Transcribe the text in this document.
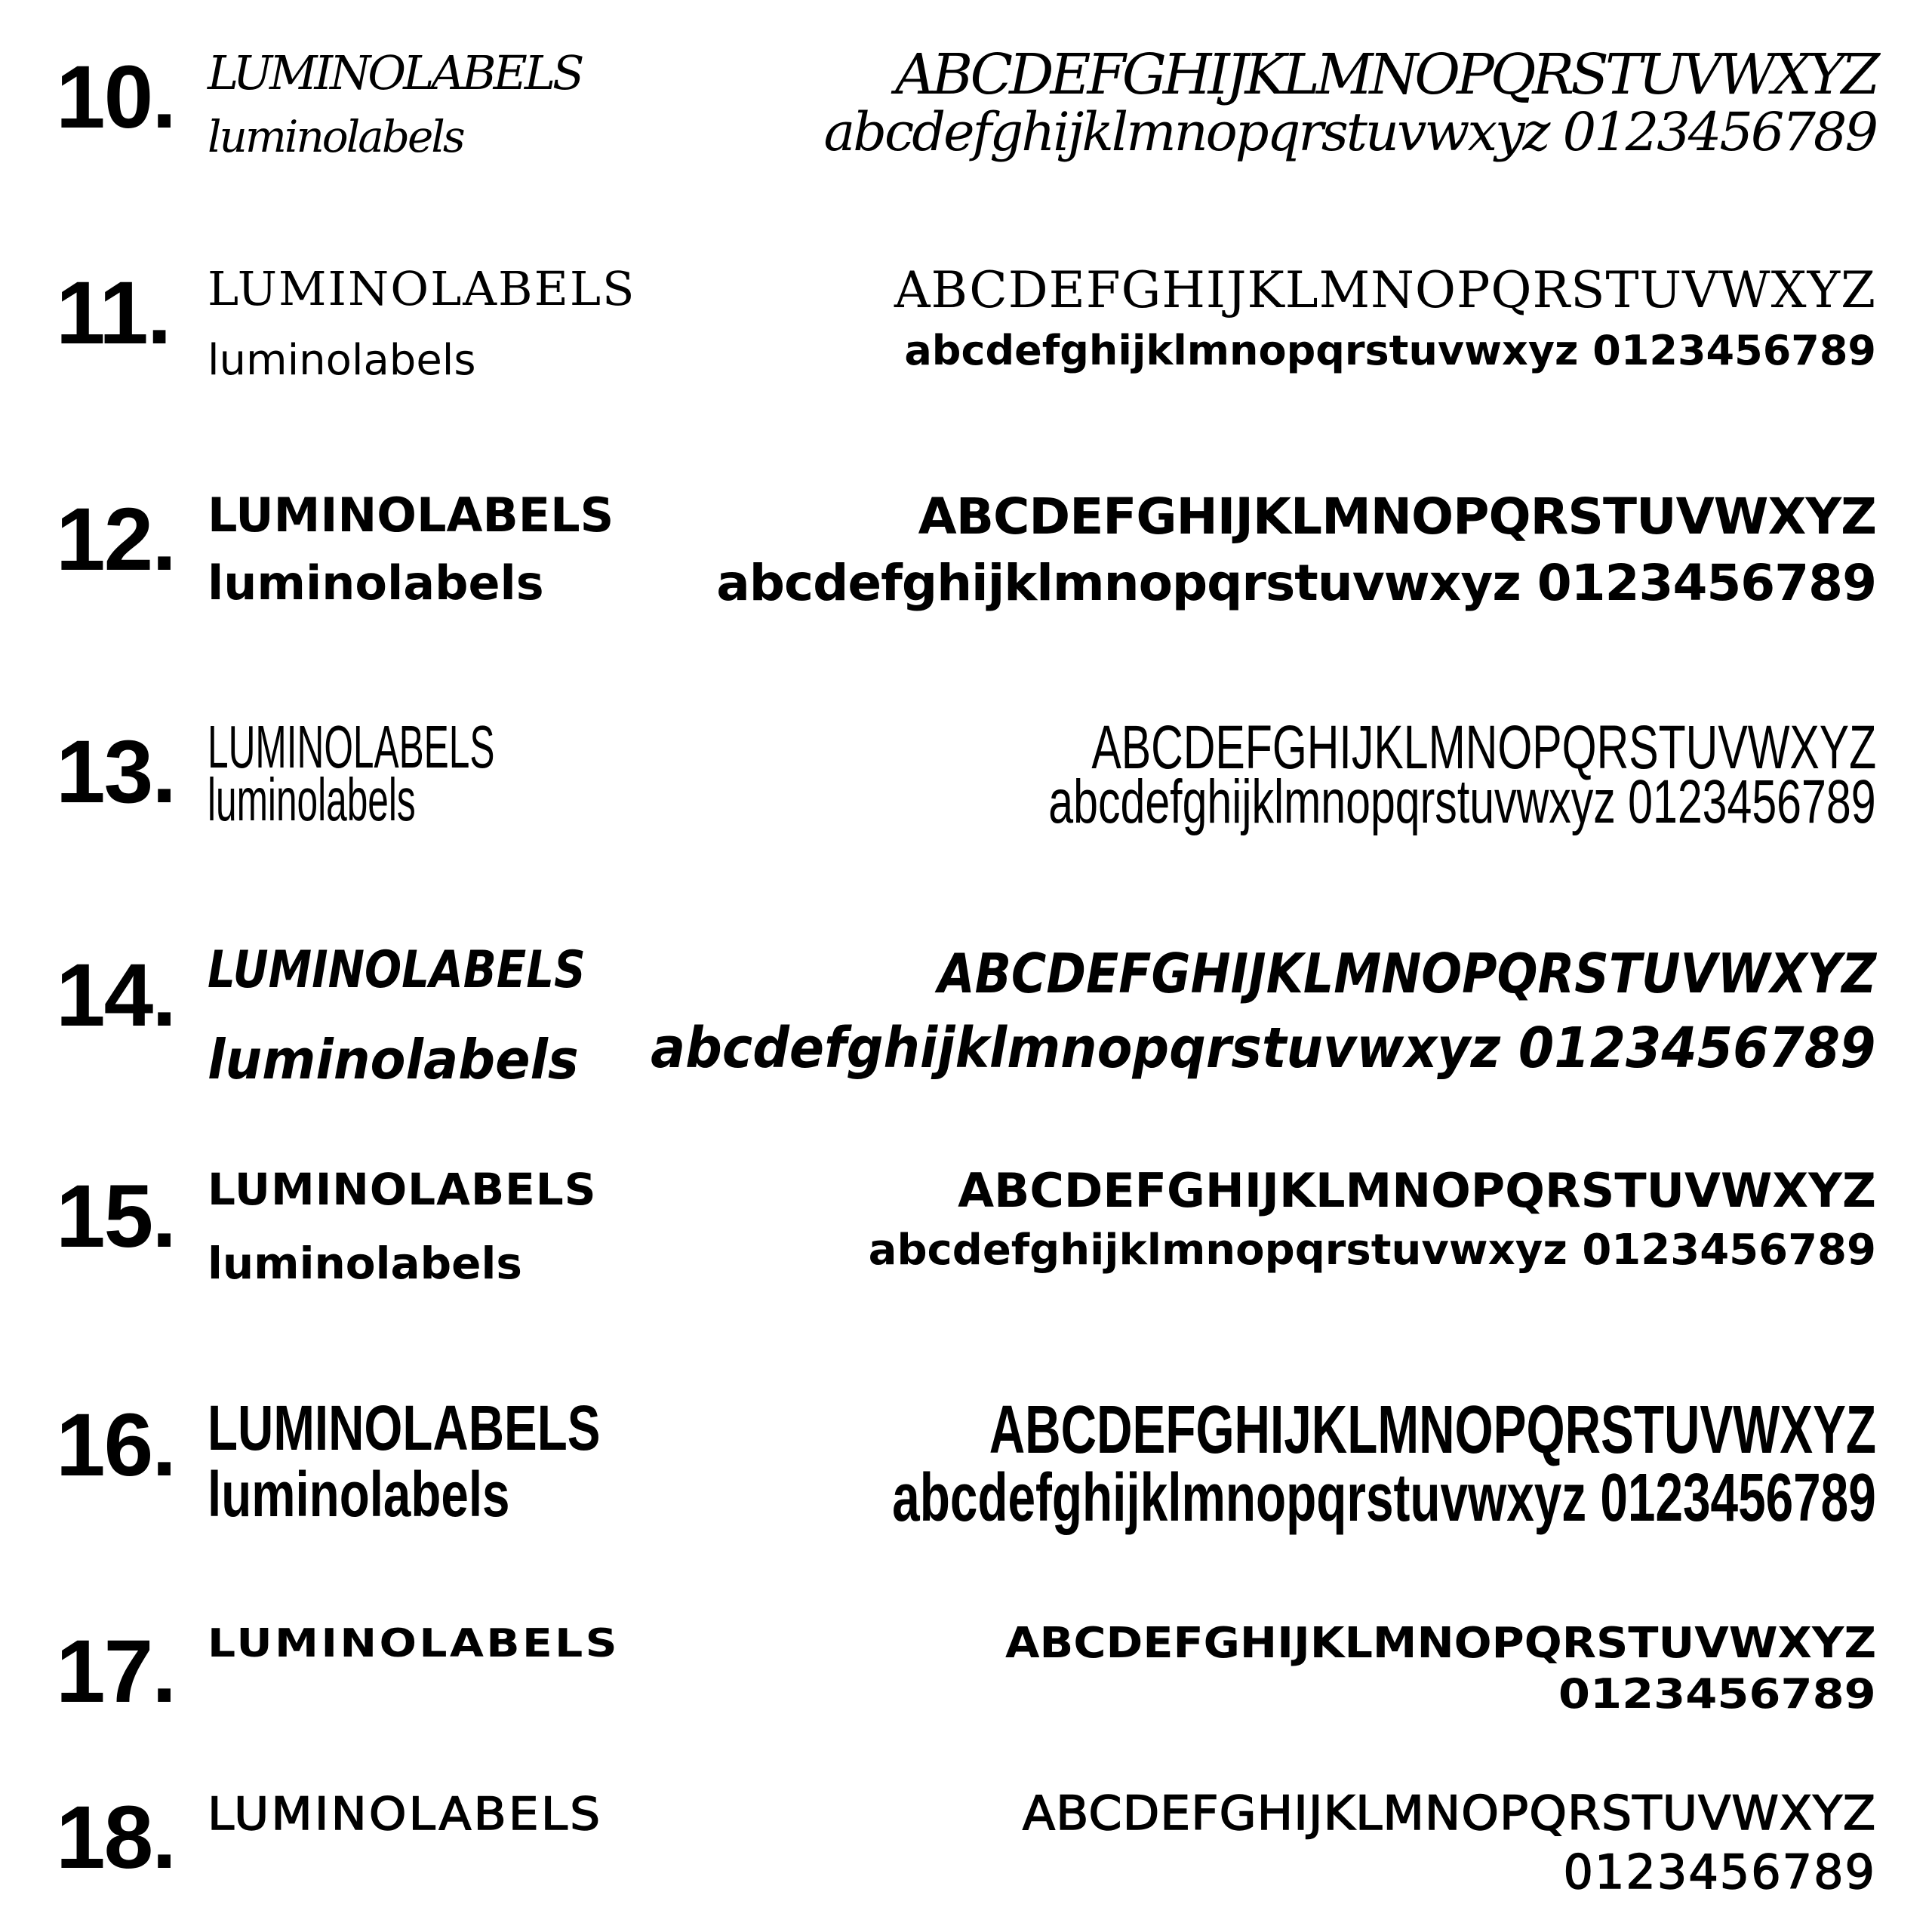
10. LUMINOLABELS
luminolabels
ABCDEFGHIJKLMNOPQRSTUVWXYZ
abcdefghijklmnopqrstuvwxyz 0123456789
11. LUMINOLABELS
luminolabels
ABCDEFGHIJKLMNOPQRSTUVWXYZ
abcdefghijklmnopqrstuvwxyz 0123456789
12. LUMINOLABELS
luminolabels
ABCDEFGHIJKLMNOPQRSTUVWXYZ
abcdefghijklmnopqrstuvwxyz 0123456789
13. LUMINOLABELS
luminolabels
ABCDEFGHIJKLMNOPQRSTUVWXYZ
abcdefghijklmnopqrstuvwxyz 0123456789
14. LUMINOLABELS
luminolabels
ABCDEFGHIJKLMNOPQRSTUVWXYZ
abcdefghijklmnopqrstuvwxyz 0123456789
15. LUMINOLABELS
luminolabels
ABCDEFGHIJKLMNOPQRSTUVWXYZ
abcdefghijklmnopqrstuvwxyz 0123456789
16. LUMINOLABELS
luminolabels
ABCDEFGHIJKLMNOPQRSTUVWXYZ
abcdefghijklmnopqrstuvwxyz 0123456789
17. LUMINOLABELS	ABCDEFGHIJKLMNOPQRSTUVWXYZ
0123456789
18. LUMINOLABELS	ABCDEFGHIJKLMNOPQRSTUVWXYZ
0123456789
